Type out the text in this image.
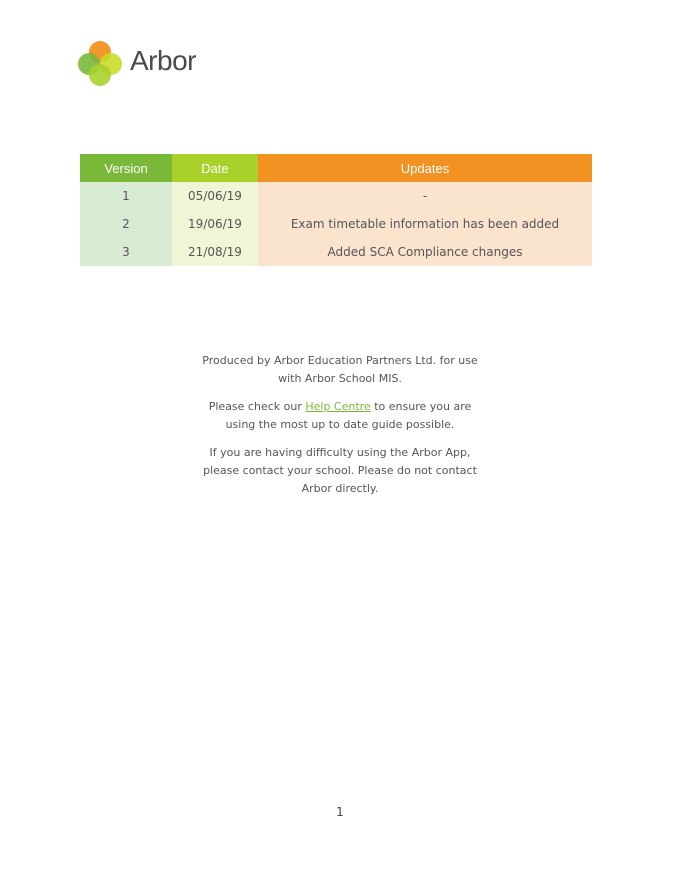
Arbor
Version	Date	Updates
1	05/06/19	-
2	19/06/19	Exam timetable information has been added
3	21/08/19	Added SCA Compliance changes

Produced by Arbor Education Partners Ltd. for use with Arbor School MIS.

Please check our Help Centre to ensure you are using the most up to date guide possible.

If you are having difficulty using the Arbor App, please contact your school. Please do not contact Arbor directly.

1
